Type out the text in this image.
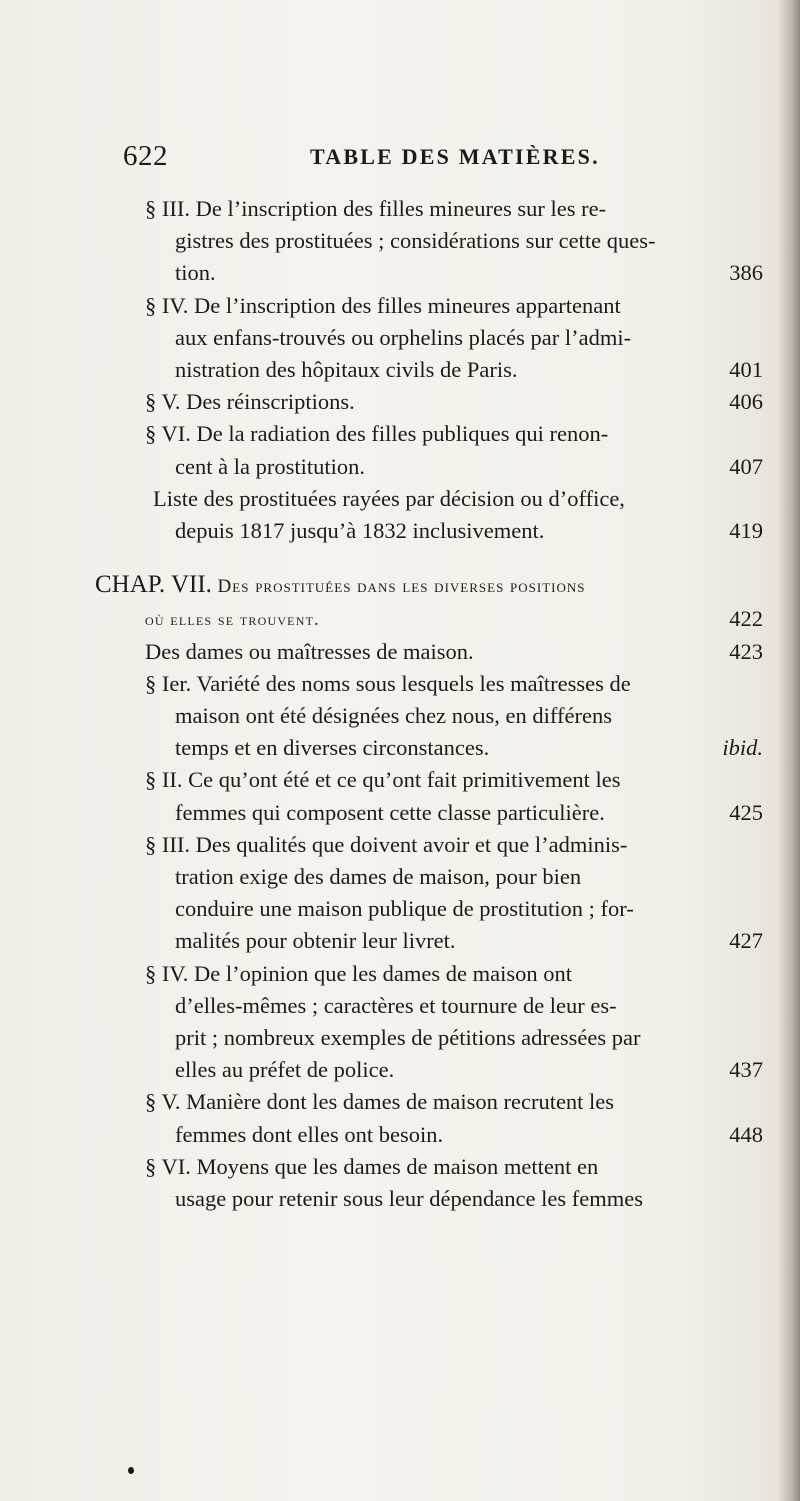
622	TABLE DES MATIÈRES.
§ III. De l’inscription des filles mineures sur les re-
gistres des prostituées ; considérations sur cette ques-
tion.	386
§ IV. De l’inscription des filles mineures appartenant
aux enfans-trouvés ou orphelins placés par l’admi-
nistration des hôpitaux civils de Paris.	401
§ V. Des réinscriptions.	406
§ VI. De la radiation des filles publiques qui renon-
cent à la prostitution.	407
Liste des prostituées rayées par décision ou d’office,
depuis 1817 jusqu’à 1832 inclusivement.	419
CHAP. VII. Des prostituées dans les diverses positions
où elles se trouvent.	422
Des dames ou maîtresses de maison.	423
§ Ier. Variété des noms sous lesquels les maîtresses de
maison ont été désignées chez nous, en différens
temps et en diverses circonstances.	ibid.
§ II. Ce qu’ont été et ce qu’ont fait primitivement les
femmes qui composent cette classe particulière.	425
§ III. Des qualités que doivent avoir et que l’adminis-
tration exige des dames de maison, pour bien
conduire une maison publique de prostitution ; for-
malités pour obtenir leur livret.	427
§ IV. De l’opinion que les dames de maison ont
d’elles-mêmes ; caractères et tournure de leur es-
prit ; nombreux exemples de pétitions adressées par
elles au préfet de police.	437
§ V. Manière dont les dames de maison recrutent les
femmes dont elles ont besoin.	448
§ VI. Moyens que les dames de maison mettent en
usage pour retenir sous leur dépendance les femmes
